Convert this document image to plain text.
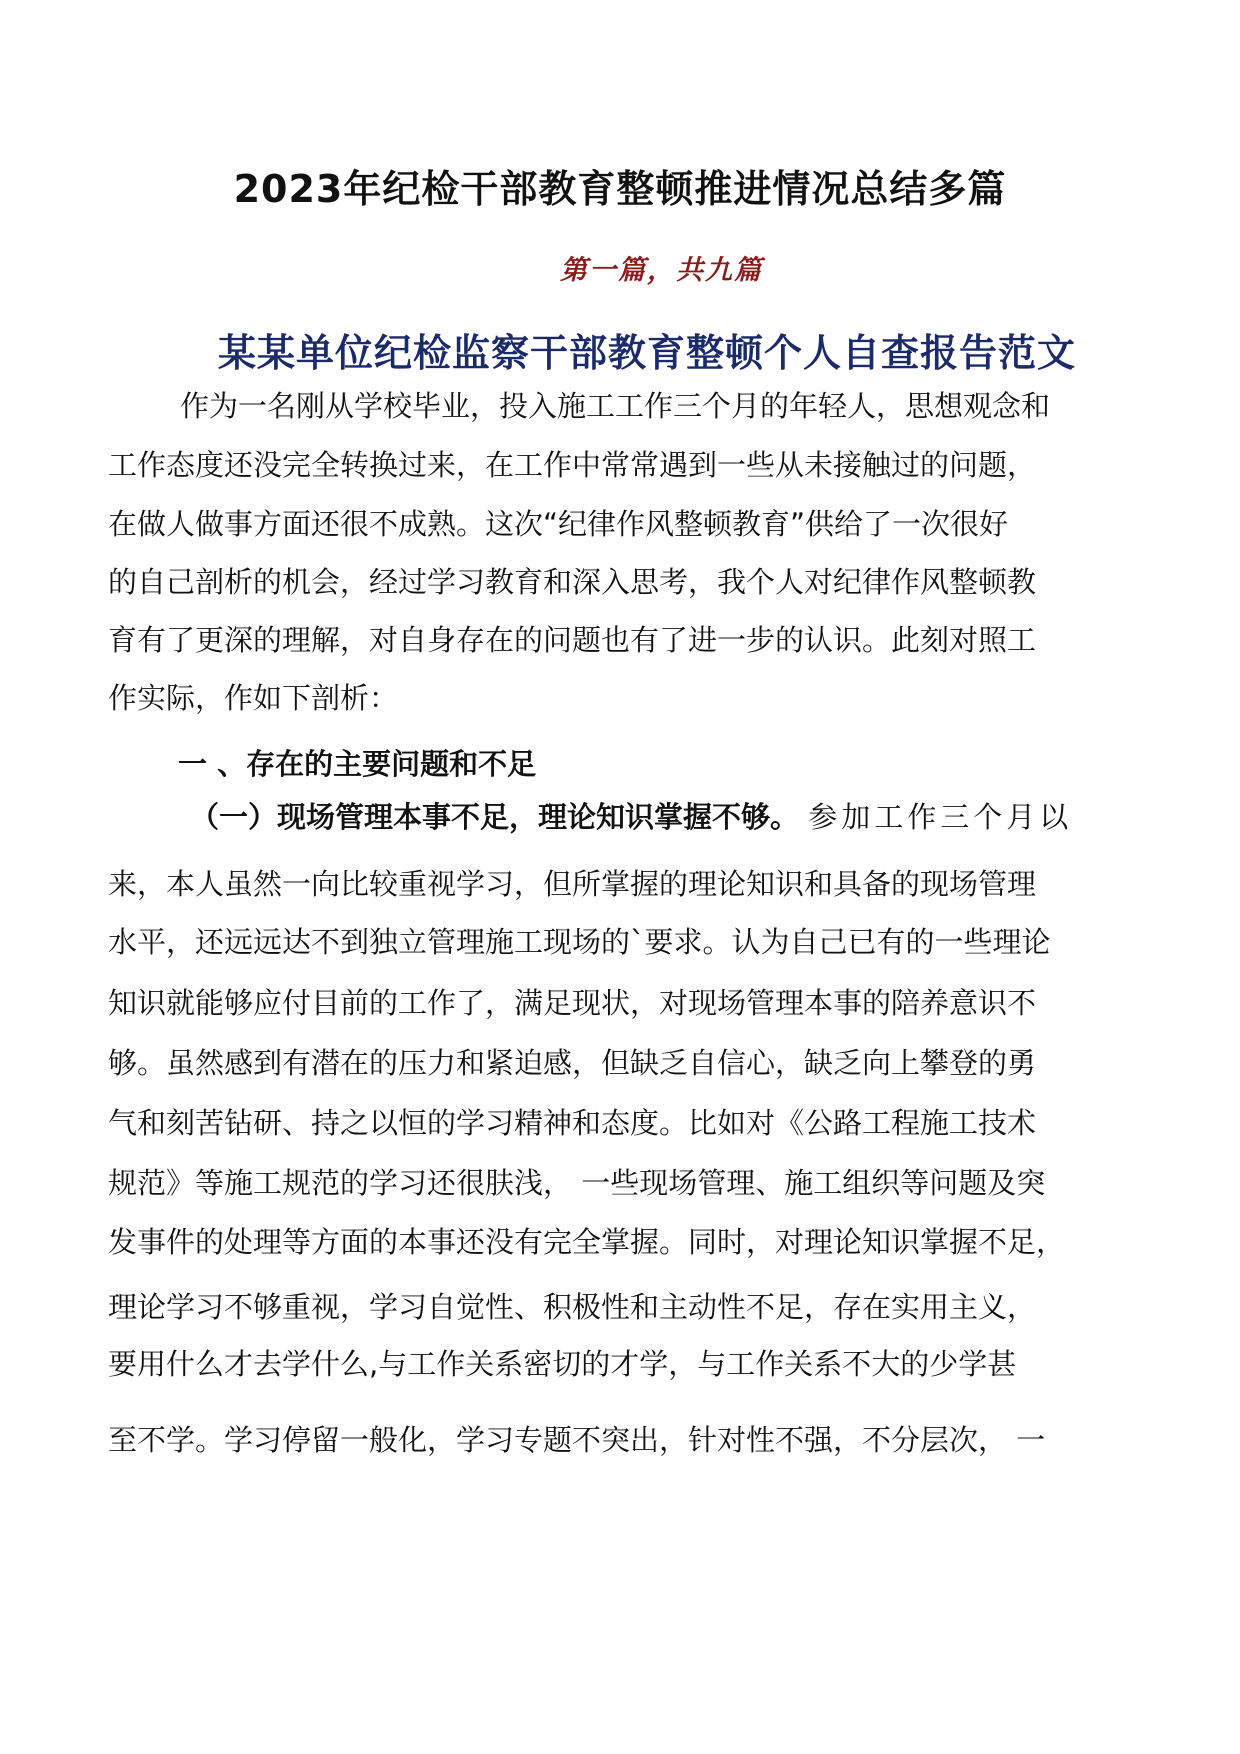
2023年纪检干部教育整顿推进情况总结多篇
第一篇，共九篇
某某单位纪检监察干部教育整顿个人自查报告范文
作为一名刚从学校毕业，投入施工工作三个月的年轻人，思想观念和
工作态度还没完全转换过来，在工作中常常遇到一些从未接触过的问题，
在做人做事方面还很不成熟。这次“纪律作风整顿教育”供给了一次很好
的自己剖析的机会，经过学习教育和深入思考，我个人对纪律作风整顿教
育有了更深的理解，对自身存在的问题也有了进一步的认识。此刻对照工
作实际，作如下剖析：
一 、存在的主要问题和不足
（一）现场管理本事不足，理论知识掌握不够。 参加工作三个月以
来，本人虽然一向比较重视学习，但所掌握的理论知识和具备的现场管理
水平，还远远达不到独立管理施工现场的`要求。认为自己已有的一些理论
知识就能够应付目前的工作了，满足现状，对现场管理本事的陪养意识不
够。虽然感到有潜在的压力和紧迫感，但缺乏自信心，缺乏向上攀登的勇
气和刻苦钻研、持之以恒的学习精神和态度。比如对《公路工程施工技术
规范》等施工规范的学习还很肤浅， 一些现场管理、施工组织等问题及突
发事件的处理等方面的本事还没有完全掌握。同时，对理论知识掌握不足，
理论学习不够重视，学习自觉性、积极性和主动性不足，存在实用主义，
要用什么才去学什么,与工作关系密切的才学，与工作关系不大的少学甚
至不学。学习停留一般化，学习专题不突出，针对性不强，不分层次， 一
